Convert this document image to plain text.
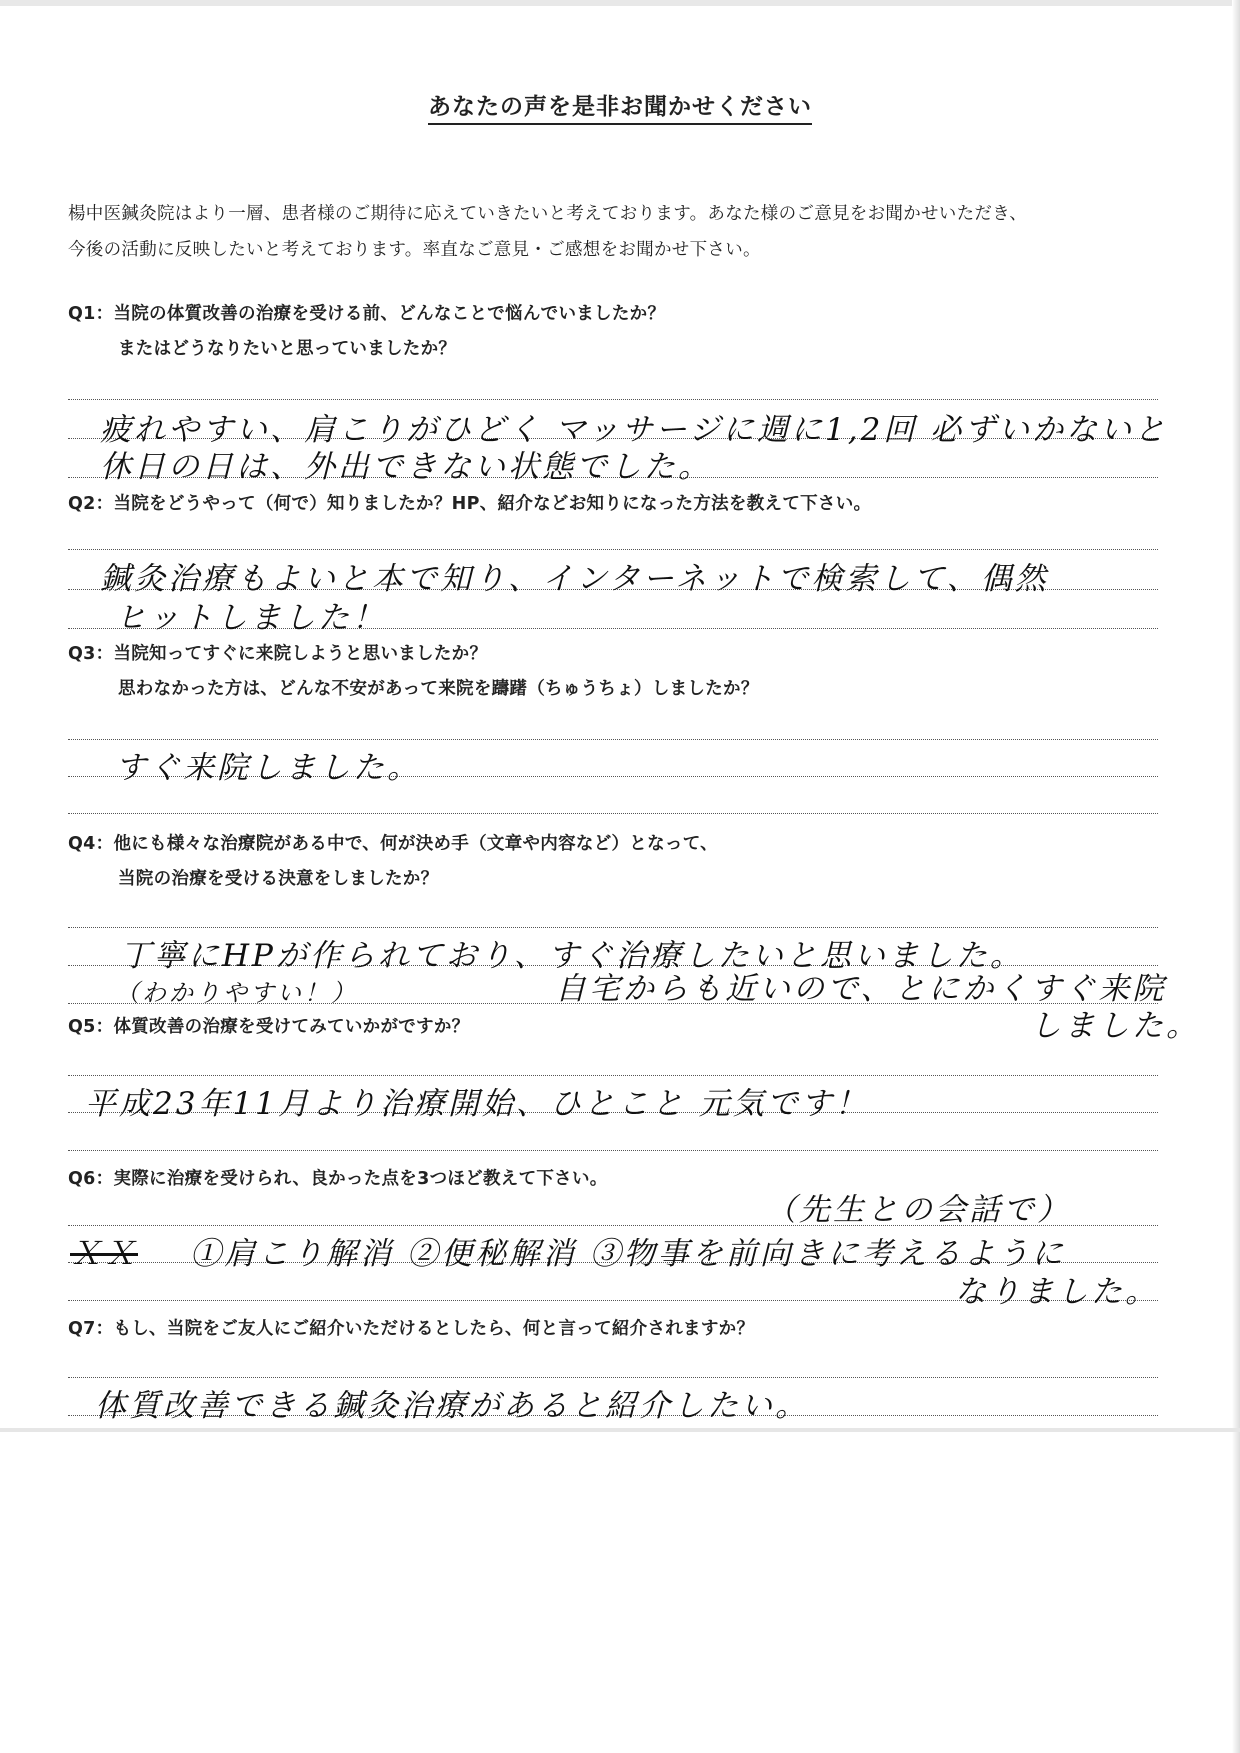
あなたの声を是非お聞かせください
楊中医鍼灸院はより一層、患者様のご期待に応えていきたいと考えております。あなた様のご意見をお聞かせいただき、
今後の活動に反映したいと考えております。率直なご意見・ご感想をお聞かせ下さい。
Q1：当院の体質改善の治療を受ける前、どんなことで悩んでいましたか？
またはどうなりたいと思っていましたか？
疲れやすい、肩こりがひどく マッサージに週に1,2回 必ずいかないと
休日の日は、外出できない状態でした。
Q2：当院をどうやって（何で）知りましたか？HP、紹介などお知りになった方法を教えて下さい。
鍼灸治療もよいと本で知り、インターネットで検索して、偶然
ヒットしました！
Q3：当院知ってすぐに来院しようと思いましたか？
思わなかった方は、どんな不安があって来院を躊躇（ちゅうちょ）しましたか？
すぐ来院しました。
Q4：他にも様々な治療院がある中で、何が決め手（文章や内容など）となって、
当院の治療を受ける決意をしましたか？
丁寧にHPが作られており、すぐ治療したいと思いました。
（わかりやすい！）	自宅からも近いので、とにかくすぐ来院
しました。
Q5：体質改善の治療を受けてみていかがですか？
平成23年11月より治療開始、ひとこと 元気です！
Q6：実際に治療を受けられ、良かった点を3つほど教えて下さい。
（先生との会話で）
ＸＸ ①肩こり解消 ②便秘解消 ③物事を前向きに考えるように
なりました。
Q7：もし、当院をご友人にご紹介いただけるとしたら、何と言って紹介されますか？
体質改善できる鍼灸治療があると紹介したい。
